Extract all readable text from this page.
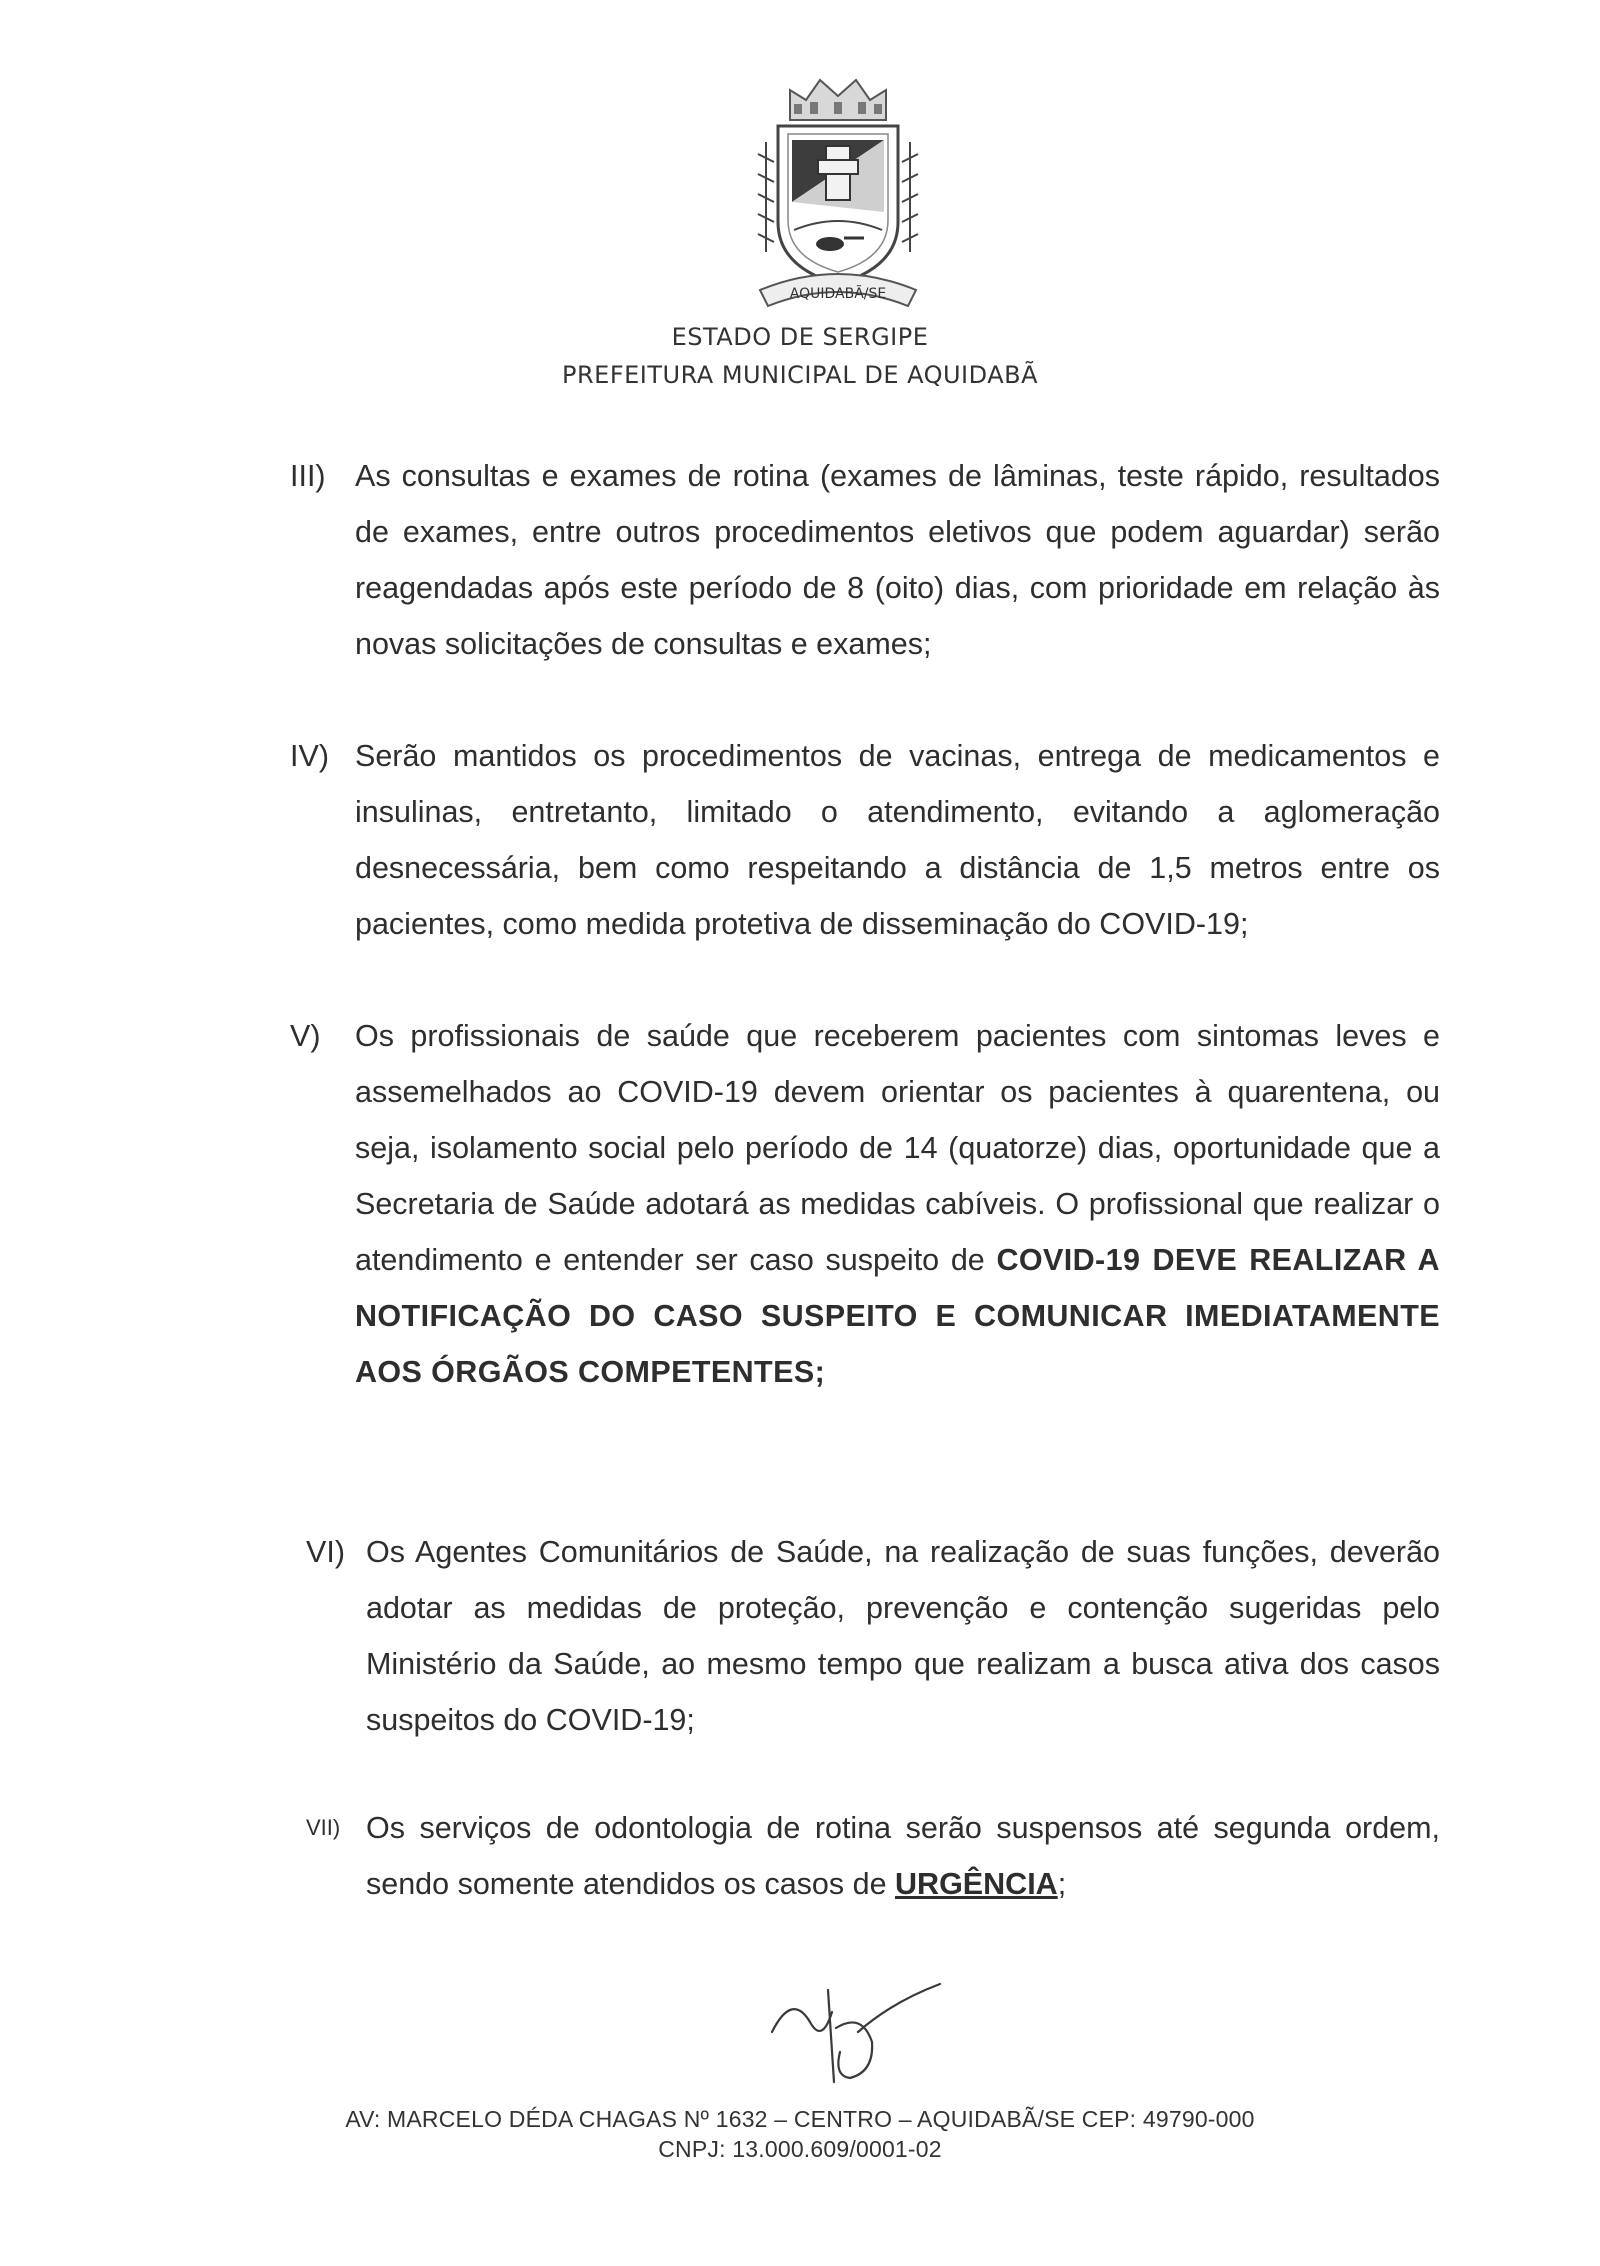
AQUIDABÃ/SE
ESTADO DE SERGIPE
PREFEITURA MUNICIPAL DE AQUIDABÃ
III) As consultas e exames de rotina (exames de lâminas, teste rápido, resultados de exames, entre outros procedimentos eletivos que podem aguardar) serão reagendadas após este período de 8 (oito) dias, com prioridade em relação às novas solicitações de consultas e exames;
IV) Serão mantidos os procedimentos de vacinas, entrega de medicamentos e insulinas, entretanto, limitado o atendimento, evitando a aglomeração desnecessária, bem como respeitando a distância de 1,5 metros entre os pacientes, como medida protetiva de disseminação do COVID-19;
V)	Os profissionais de saúde que receberem pacientes com sintomas leves e assemelhados ao COVID-19 devem orientar os pacientes à quarentena, ou seja, isolamento social pelo período de 14 (quatorze) dias, oportunidade que a Secretaria de Saúde adotará as medidas cabíveis. O profissional que realizar o atendimento e entender ser caso suspeito de COVID-19 DEVE REALIZAR A NOTIFICAÇÃO DO CASO SUSPEITO E COMUNICAR IMEDIATAMENTE AOS ÓRGÃOS COMPETENTES;
VI) Os Agentes Comunitários de Saúde, na realização de suas funções, deverão adotar as medidas de proteção, prevenção e contenção sugeridas pelo Ministério da Saúde, ao mesmo tempo que realizam a busca ativa dos casos suspeitos do COVID-19;
VII) Os serviços de odontologia de rotina serão suspensos até segunda ordem, sendo somente atendidos os casos de URGÊNCIA;
AV: MARCELO DÉDA CHAGAS Nº 1632 – CENTRO – AQUIDABÃ/SE CEP: 49790-000
CNPJ: 13.000.609/0001-02
